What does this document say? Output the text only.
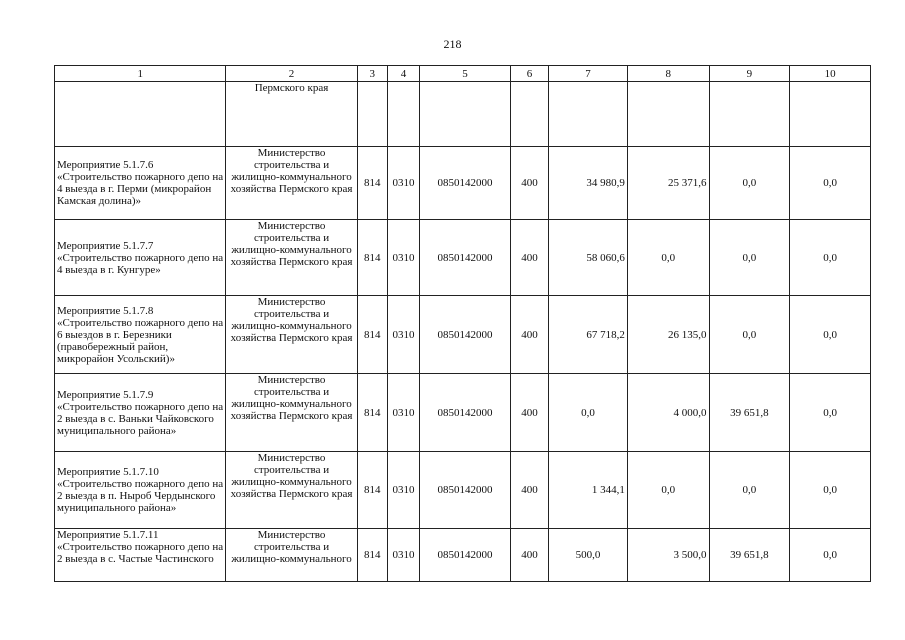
218
1	2	3	4	5	6	7	8	9	10
	Пермского края								
Мероприятие 5.1.7.6 «Строительство пожарного депо на 4 выезда в г. Перми (микрорайон Камская долина)»	Министерство строительства и жилищно-коммунального хозяйства Пермского края	814	0310	0850142000	400	34 980,9	25 371,6	0,0	0,0
Мероприятие 5.1.7.7 «Строительство пожарного депо на 4 выезда в г. Кунгуре»	Министерство строительства и жилищно-коммунального хозяйства Пермского края	814	0310	0850142000	400	58 060,6	0,0	0,0	0,0
Мероприятие 5.1.7.8 «Строительство пожарного депо на 6 выездов в г. Березники (правобережный район, микрорайон Усольский)»	Министерство строительства и жилищно-коммунального хозяйства Пермского края	814	0310	0850142000	400	67 718,2	26 135,0	0,0	0,0
Мероприятие 5.1.7.9 «Строительство пожарного депо на 2 выезда в с. Ваньки Чайковского муниципального района»	Министерство строительства и жилищно-коммунального хозяйства Пермского края	814	0310	0850142000	400	0,0	4 000,0	39 651,8	0,0
Мероприятие 5.1.7.10 «Строительство пожарного депо на 2 выезда в п. Ныроб Чердынского муниципального района»	Министерство строительства и жилищно-коммунального хозяйства Пермского края	814	0310	0850142000	400	1 344,1	0,0	0,0	0,0
Мероприятие 5.1.7.11 «Строительство пожарного депо на 2 выезда в с. Частые Частинского	Министерство строительства и жилищно-коммунального	814	0310	0850142000	400	500,0	3 500,0	39 651,8	0,0
